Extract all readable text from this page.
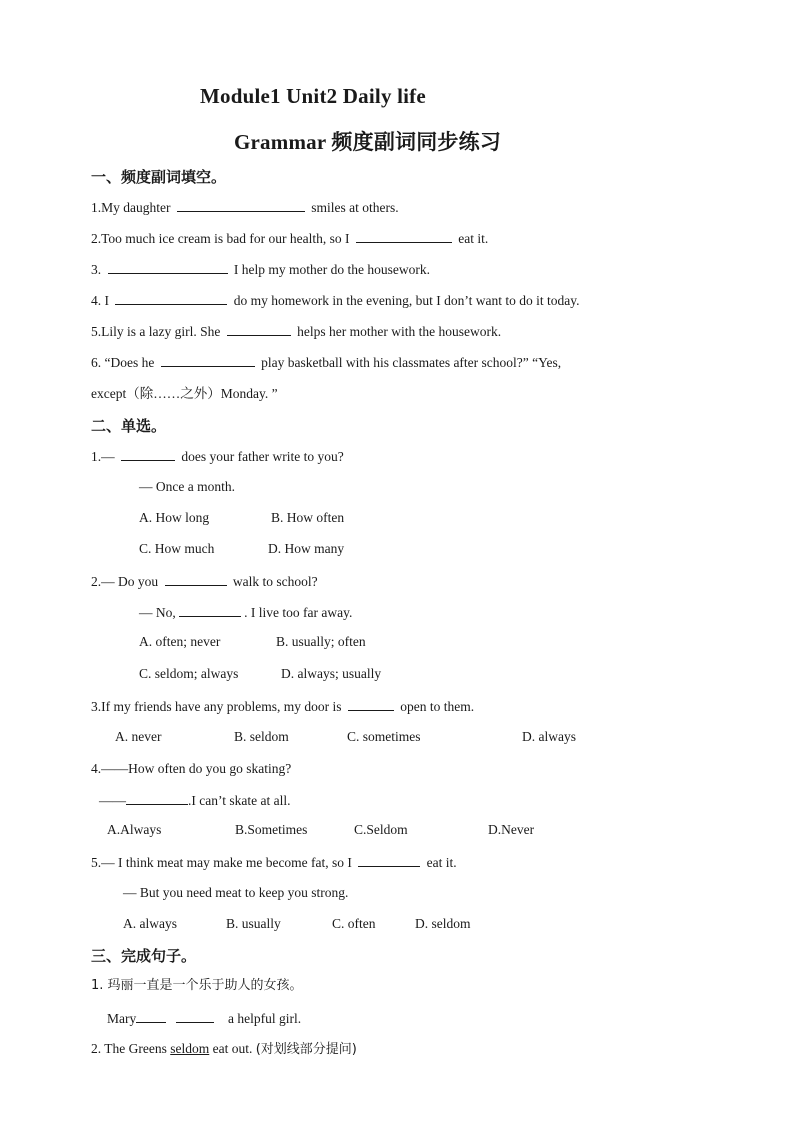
Module1 Unit2 Daily life
Grammar 频度副词同步练习
一、频度副词填空。
1.My daughter	smiles at others.
2.Too much ice cream is bad for our health, so I	eat it.
3.	I help my mother do the housework.
4. I	do my homework in the evening, but I don’t want to do it today.
5.Lily is a lazy girl. She	helps her mother with the housework.
6. “Does he	play basketball with his classmates after school?” “Yes,
except（除……之外）Monday. ”
二、单选。
1.—	does your father write to you?
— Once a month.
A. How long	B. How often
C. How much	D. How many
2.— Do you	walk to school?
— No,	. I live too far away.
A. often; never	B. usually; often
C. seldom; always	D. always; usually
3.If my friends have any problems, my door is	open to them.
A. never	B. seldom	C. sometimes	D. always
4.——How often do you go skating?
——	.I can’t skate at all.
A.Always	B.Sometimes	C.Seldom	D.Never
5.— I think meat may make me become fat, so I	eat it.
— But you need meat to keep you strong.
A. always	B. usually	C. often	D. seldom
三、完成句子。
1. 玛丽一直是一个乐于助人的女孩。
Mary	a helpful girl.
2. The Greens seldom eat out. (对划线部分提问)
